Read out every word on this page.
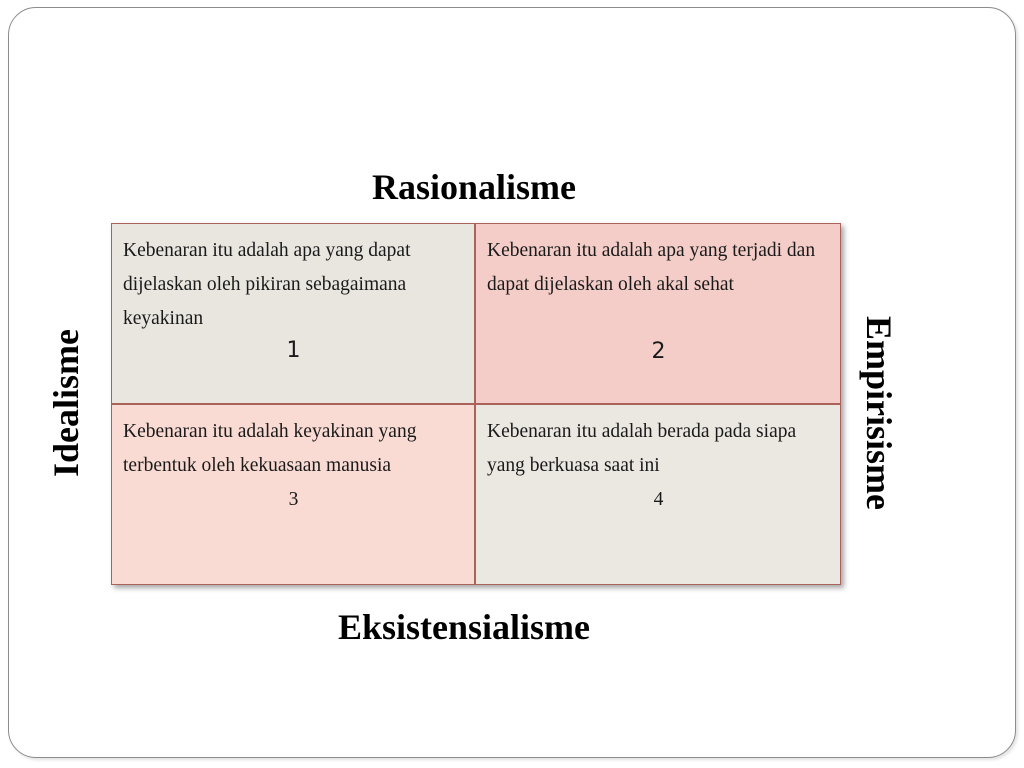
Rasionalisme
Eksistensialisme
Idealisme	Empirisisme
Kebenaran itu adalah apa yang dapat dijelaskan oleh pikiran sebagaimana keyakinan
1
Kebenaran itu adalah apa yang terjadi dan dapat dijelaskan oleh akal sehat
2
Kebenaran itu adalah keyakinan yang terbentuk oleh kekuasaan manusia
3
Kebenaran itu adalah berada pada siapa yang berkuasa saat ini
4
